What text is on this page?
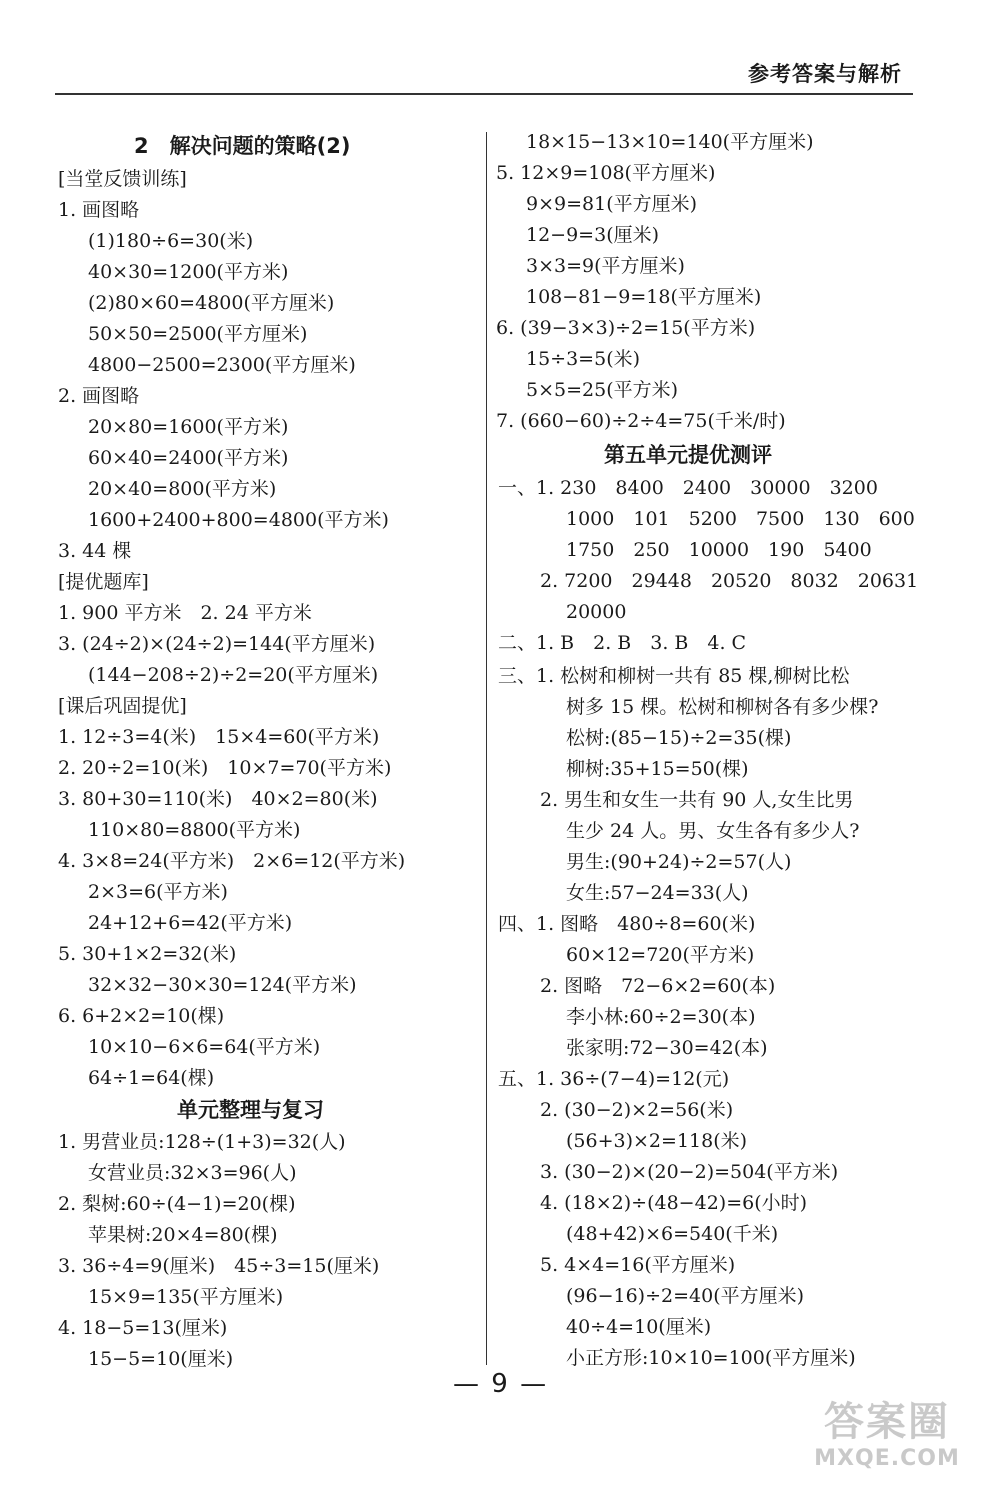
参考答案与解析
2　解决问题的策略(2)
[当堂反馈训练]
1. 画图略
(1)180÷6=30(米)
40×30=1200(平方米)
(2)80×60=4800(平方厘米)
50×50=2500(平方厘米)
4800−2500=2300(平方厘米)
2. 画图略
20×80=1600(平方米)
60×40=2400(平方米)
20×40=800(平方米)
1600+2400+800=4800(平方米)
3. 44 棵
[提优题库]
1. 900 平方米　2. 24 平方米
3. (24÷2)×(24÷2)=144(平方厘米)
(144−208÷2)÷2=20(平方厘米)
[课后巩固提优]
1. 12÷3=4(米)　15×4=60(平方米)
2. 20÷2=10(米)　10×7=70(平方米)
3. 80+30=110(米)　40×2=80(米)
110×80=8800(平方米)
4. 3×8=24(平方米)　2×6=12(平方米)
2×3=6(平方米)
24+12+6=42(平方米)
5. 30+1×2=32(米)
32×32−30×30=124(平方米)
6. 6+2×2=10(棵)
10×10−6×6=64(平方米)
64÷1=64(棵)
单元整理与复习
1. 男营业员:128÷(1+3)=32(人)
女营业员:32×3=96(人)
2. 梨树:60÷(4−1)=20(棵)
苹果树:20×4=80(棵)
3. 36÷4=9(厘米)　45÷3=15(厘米)
15×9=135(平方厘米)
4. 18−5=13(厘米)
15−5=10(厘米)
18×15−13×10=140(平方厘米)
5. 12×9=108(平方厘米)
9×9=81(平方厘米)
12−9=3(厘米)
3×3=9(平方厘米)
108−81−9=18(平方厘米)
6. (39−3×3)÷2=15(平方米)
15÷3=5(米)
5×5=25(平方米)
7. (660−60)÷2÷4=75(千米/时)
第五单元提优测评
一、1. 230　8400　2400　30000　3200
1000　101　5200　7500　130　600
1750　250　10000　190　5400
2. 7200　29448　20520　8032　20631
20000
二、1. B　2. B　3. B　4. C
三、1. 松树和柳树一共有 85 棵,柳树比松
树多 15 棵。松树和柳树各有多少棵?
松树:(85−15)÷2=35(棵)
柳树:35+15=50(棵)
2. 男生和女生一共有 90 人,女生比男
生少 24 人。男、女生各有多少人?
男生:(90+24)÷2=57(人)
女生:57−24=33(人)
四、1. 图略　480÷8=60(米)
60×12=720(平方米)
2. 图略　72−6×2=60(本)
李小林:60÷2=30(本)
张家明:72−30=42(本)
五、1. 36÷(7−4)=12(元)
2. (30−2)×2=56(米)
(56+3)×2=118(米)
3. (30−2)×(20−2)=504(平方米)
4. (18×2)÷(48−42)=6(小时)
(48+42)×6=540(千米)
5. 4×4=16(平方厘米)
(96−16)÷2=40(平方厘米)
40÷4=10(厘米)
小正方形:10×10=100(平方厘米)
— 9 —
答案圈
MXQE.COM
